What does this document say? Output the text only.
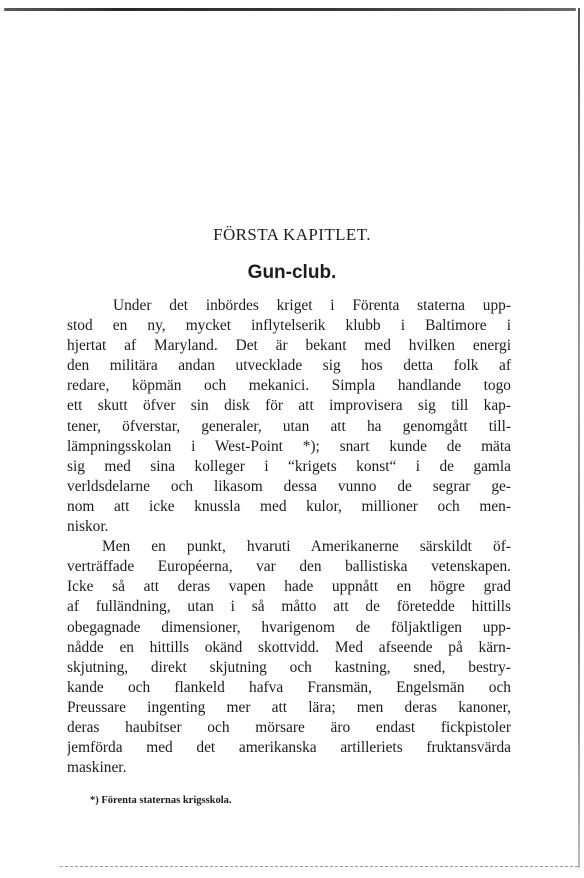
FÖRSTA KAPITLET.
Gun-club.
Under det inbördes kriget i Förenta staterna upp-
stod en ny, mycket inflytelserik klubb i Baltimore i
hjertat af Maryland. Det är bekant med hvilken energi
den militära andan utvecklade sig hos detta folk af
redare, köpmän och mekanici. Simpla handlande togo
ett skutt öfver sin disk för att improvisera sig till kap-
tener, öfverstar, generaler, utan att ha genomgått till-
lämpningsskolan i West-Point *); snart kunde de mäta
sig med sina kolleger i “krigets konst“ i de gamla
verldsdelarne och likasom dessa vunno de segrar ge-
nom att icke knussla med kulor, millioner och men-
niskor.
Men en punkt, hvaruti Amerikanerne särskildt öf-
verträffade Européerna, var den ballistiska vetenskapen.
Icke så att deras vapen hade uppnått en högre grad
af fulländning, utan i så måtto att de företedde hittills
obegagnade dimensioner, hvarigenom de följaktligen upp-
nådde en hittills okänd skottvidd. Med afseende på kärn-
skjutning, direkt skjutning och kastning, sned, bestry-
kande och flankeld hafva Fransmän, Engelsmän och
Preussare ingenting mer att lära; men deras kanoner,
deras haubitser och mörsare äro endast fickpistoler
jemförda med det amerikanska artilleriets fruktansvärda
maskiner.

*) Förenta staternas krigsskola.
